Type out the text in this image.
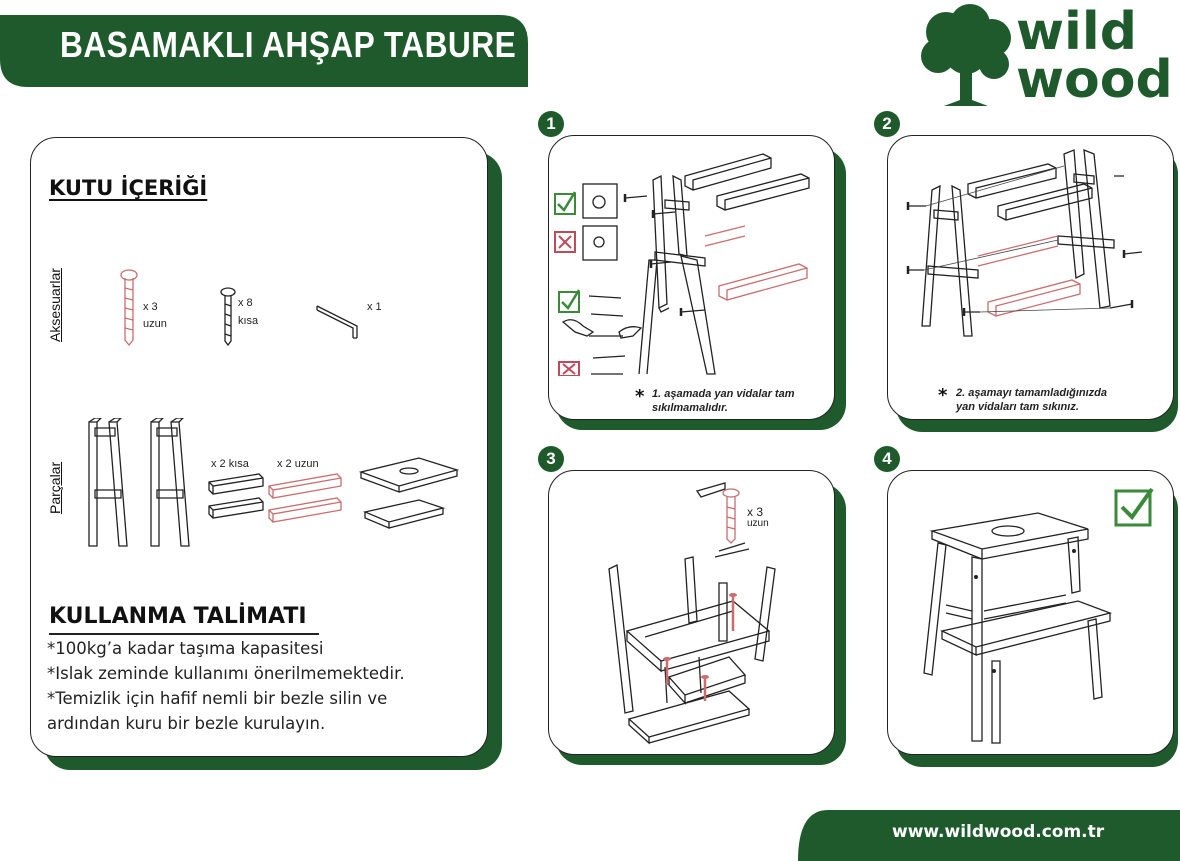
BASAMAKLI AHŞAP TABURE	wild
wood
KUTU İÇERİĞİ
Aksesuarlar
Parçalar
x 3
uzun
x 8
kısa
x 1
x 2 kısa	x 2 uzun
KULLANMA TALİMATI
*100kg’a kadar taşıma kapasitesi
*Islak zeminde kullanımı önerilmemektedir.
*Temizlik için hafif nemli bir bezle silin ve
ardından kuru bir bezle kurulayın.
1
* 1. aşamada yan vidalar tam
sıkılmamalıdır.
2
* 2. aşamayı tamamladığınızda
yan vidaları tam sıkınız.
3
x 3
uzun
4
www.wildwood.com.tr
